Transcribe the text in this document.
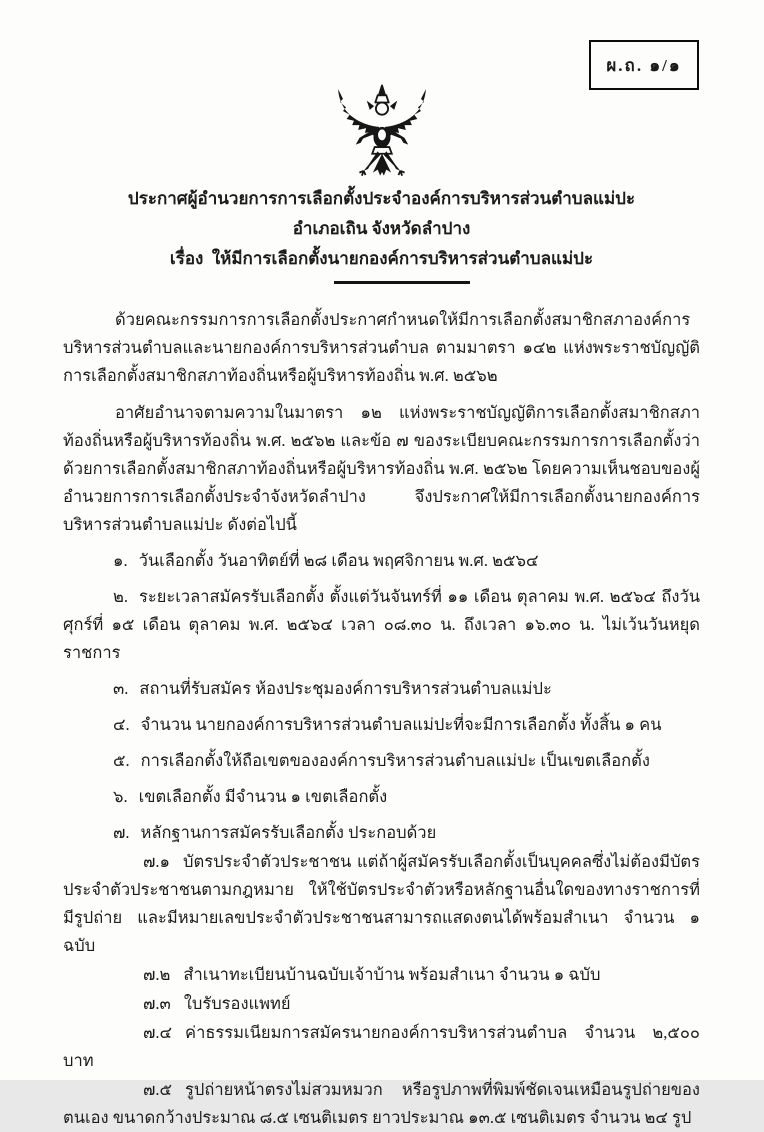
ผ.ถ. ๑/๑
ประกาศผู้อำนวยการการเลือกตั้งประจำองค์การบริหารส่วนตำบลแม่ปะ
อำเภอเถิน จังหวัดลำปาง
เรื่อง  ให้มีการเลือกตั้งนายกองค์การบริหารส่วนตำบลแม่ปะ

ด้วยคณะกรรมการการเลือกตั้งประกาศกำหนดให้มีการเลือกตั้งสมาชิกสภาองค์การบริหารส่วนตำบลและนายกองค์การบริหารส่วนตำบล ตามมาตรา ๑๔๒ แห่งพระราชบัญญัติการเลือกตั้งสมาชิกสภาท้องถิ่นหรือผู้บริหารท้องถิ่น พ.ศ. ๒๕๖๒

อาศัยอำนาจตามความในมาตรา ๑๒ แห่งพระราชบัญญัติการเลือกตั้งสมาชิกสภาท้องถิ่นหรือผู้บริหารท้องถิ่น พ.ศ. ๒๕๖๒ และข้อ ๗ ของระเบียบคณะกรรมการการเลือกตั้งว่าด้วยการเลือกตั้งสมาชิกสภาท้องถิ่นหรือผู้บริหารท้องถิ่น พ.ศ. ๒๕๖๒ โดยความเห็นชอบของผู้อำนวยการการเลือกตั้งประจำจังหวัดลำปาง จึงประกาศให้มีการเลือกตั้งนายกองค์การบริหารส่วนตำบลแม่ปะ ดังต่อไปนี้

๑. วันเลือกตั้ง วันอาทิตย์ที่ ๒๘ เดือน พฤศจิกายน พ.ศ. ๒๕๖๔

๒. ระยะเวลาสมัครรับเลือกตั้ง ตั้งแต่วันจันทร์ที่ ๑๑ เดือน ตุลาคม พ.ศ. ๒๕๖๔ ถึงวันศุกร์ที่ ๑๕ เดือน ตุลาคม พ.ศ. ๒๕๖๔ เวลา ๐๘.๓๐ น. ถึงเวลา ๑๖.๓๐ น. ไม่เว้นวันหยุดราชการ

๓. สถานที่รับสมัคร ห้องประชุมองค์การบริหารส่วนตำบลแม่ปะ

๔. จำนวน นายกองค์การบริหารส่วนตำบลแม่ปะที่จะมีการเลือกตั้ง ทั้งสิ้น ๑ คน

๕. การเลือกตั้งให้ถือเขตขององค์การบริหารส่วนตำบลแม่ปะ เป็นเขตเลือกตั้ง

๖. เขตเลือกตั้ง มีจำนวน ๑ เขตเลือกตั้ง

๗. หลักฐานการสมัครรับเลือกตั้ง ประกอบด้วย

๗.๑ บัตรประจำตัวประชาชน แต่ถ้าผู้สมัครรับเลือกตั้งเป็นบุคคลซึ่งไม่ต้องมีบัตรประจำตัวประชาชนตามกฎหมาย ให้ใช้บัตรประจำตัวหรือหลักฐานอื่นใดของทางราชการที่มีรูปถ่าย และมีหมายเลขประจำตัวประชาชนสามารถแสดงตนได้พร้อมสำเนา จำนวน ๑ ฉบับ

๗.๒ สำเนาทะเบียนบ้านฉบับเจ้าบ้าน พร้อมสำเนา จำนวน ๑ ฉบับ

๗.๓ ใบรับรองแพทย์

๗.๔ ค่าธรรมเนียมการสมัครนายกองค์การบริหารส่วนตำบล จำนวน ๒,๕๐๐ บาท

๗.๕ รูปถ่ายหน้าตรงไม่สวมหมวก หรือรูปภาพที่พิมพ์ชัดเจนเหมือนรูปถ่ายของตนเอง ขนาดกว้างประมาณ ๘.๕ เซนติเมตร ยาวประมาณ ๑๓.๕ เซนติเมตร จำนวน ๒๔ รูป
